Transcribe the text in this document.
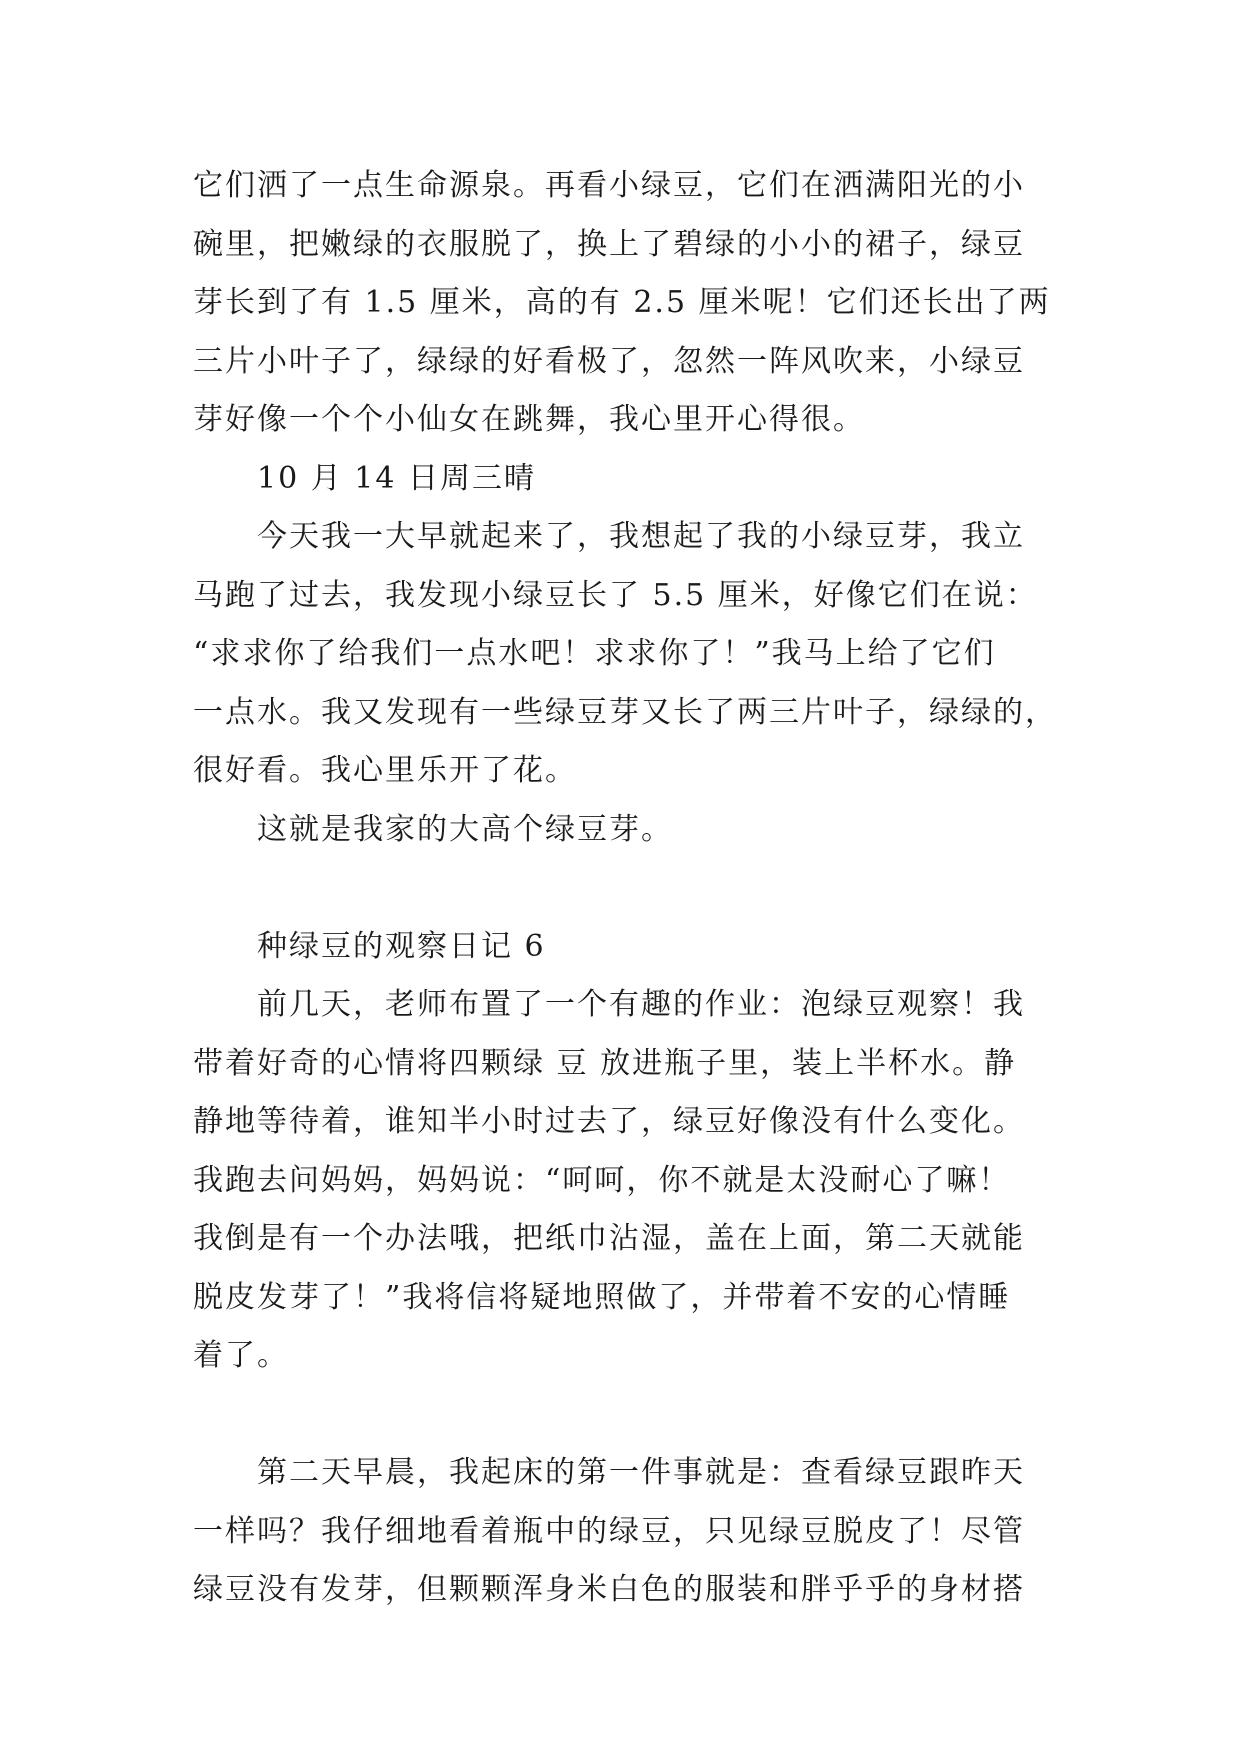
它们洒了一点生命源泉。再看小绿豆，它们在洒满阳光的小
碗里，把嫩绿的衣服脱了，换上了碧绿的小小的裙子，绿豆
芽长到了有 1.5 厘米，高的有 2.5 厘米呢！它们还长出了两
三片小叶子了，绿绿的好看极了，忽然一阵风吹来，小绿豆
芽好像一个个小仙女在跳舞，我心里开心得很。
10 月 14 日周三晴
今天我一大早就起来了，我想起了我的小绿豆芽，我立
马跑了过去，我发现小绿豆长了 5.5 厘米，好像它们在说：
“求求你了给我们一点水吧！求求你了！”我马上给了它们
一点水。我又发现有一些绿豆芽又长了两三片叶子，绿绿的，
很好看。我心里乐开了花。
这就是我家的大高个绿豆芽。
种绿豆的观察日记 6
前几天，老师布置了一个有趣的作业：泡绿豆观察！我
带着好奇的心情将四颗绿 豆 放进瓶子里，装上半杯水。静
静地等待着，谁知半小时过去了，绿豆好像没有什么变化。
我跑去问妈妈，妈妈说：“呵呵，你不就是太没耐心了嘛！
我倒是有一个办法哦，把纸巾沾湿，盖在上面，第二天就能
脱皮发芽了！”我将信将疑地照做了，并带着不安的心情睡
着了。
第二天早晨，我起床的第一件事就是：查看绿豆跟昨天
一样吗？我仔细地看着瓶中的绿豆，只见绿豆脱皮了！尽管
绿豆没有发芽，但颗颗浑身米白色的服装和胖乎乎的身材搭
